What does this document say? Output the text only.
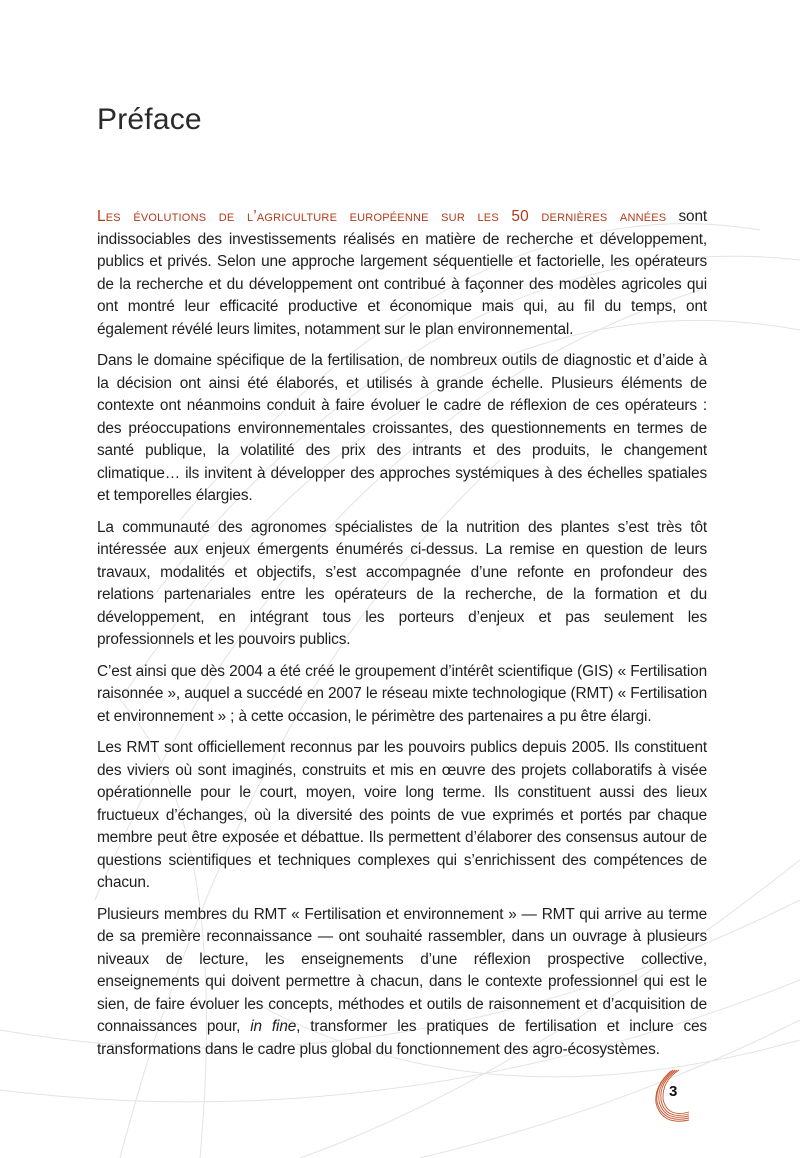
Préface

Les évolutions de l’agriculture européenne sur les 50 dernières années sont indissociables des investissements réalisés en matière de recherche et développement, publics et privés. Selon une approche largement séquentielle et factorielle, les opérateurs de la recherche et du développement ont contribué à façonner des modèles agricoles qui ont montré leur efficacité productive et économique mais qui, au fil du temps, ont également révélé leurs limites, notamment sur le plan environnemental.

Dans le domaine spécifique de la fertilisation, de nombreux outils de diagnostic et d’aide à la décision ont ainsi été élaborés, et utilisés à grande échelle. Plusieurs éléments de contexte ont néanmoins conduit à faire évoluer le cadre de réflexion de ces opérateurs : des préoccupations environnementales croissantes, des questionnements en termes de santé publique, la volatilité des prix des intrants et des produits, le changement climatique… ils invitent à développer des approches systémiques à des échelles spatiales et temporelles élargies.

La communauté des agronomes spécialistes de la nutrition des plantes s’est très tôt intéressée aux enjeux émergents énumérés ci-dessus. La remise en question de leurs travaux, modalités et objectifs, s’est accompagnée d’une refonte en profondeur des relations partenariales entre les opérateurs de la recherche, de la formation et du développement, en intégrant tous les porteurs d’enjeux et pas seulement les professionnels et les pouvoirs publics.

C’est ainsi que dès 2004 a été créé le groupement d’intérêt scientifique (GIS) « Fertilisation raisonnée », auquel a succédé en 2007 le réseau mixte technologique (RMT) « Fertilisation et environnement » ; à cette occasion, le périmètre des partenaires a pu être élargi.

Les RMT sont officiellement reconnus par les pouvoirs publics depuis 2005. Ils constituent des viviers où sont imaginés, construits et mis en œuvre des projets collaboratifs à visée opérationnelle pour le court, moyen, voire long terme. Ils constituent aussi des lieux fructueux d’échanges, où la diversité des points de vue exprimés et portés par chaque membre peut être exposée et débattue. Ils permettent d’élaborer des consensus autour de questions scientifiques et techniques complexes qui s’enrichissent des compétences de chacun.

Plusieurs membres du RMT « Fertilisation et environnement » — RMT qui arrive au terme de sa première reconnaissance — ont souhaité rassembler, dans un ouvrage à plusieurs niveaux de lecture, les enseignements d’une réflexion prospective collective, enseignements qui doivent permettre à chacun, dans le contexte professionnel qui est le sien, de faire évoluer les concepts, méthodes et outils de raisonnement et d’acquisition de connaissances pour, in fine, transformer les pratiques de fertilisation et inclure ces transformations dans le cadre plus global du fonctionnement des agro-écosystèmes.

3
